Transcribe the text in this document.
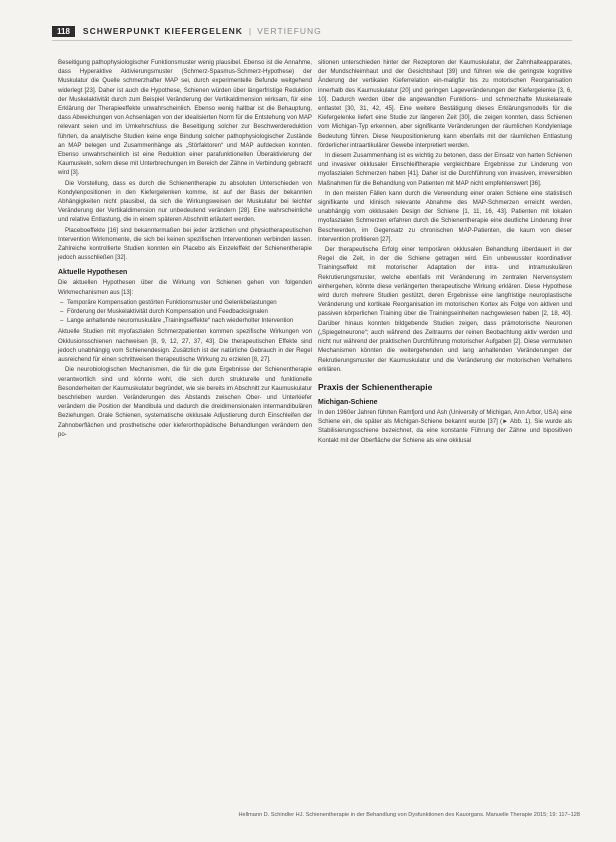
118	SCHWERPUNKT KIEFERGELENK | VERTIEFUNG

Beseitigung pathophysiologischer Funktionsmuster wenig plausibel. Ebenso ist die Annahme, dass Hyperaktive Aktivierungsmuster (Schmerz-Spasmus-Schmerz-Hypothese) der Muskulatur die Quelle schmerzhafter MAP sei, durch experimentelle Befunde weitgehend widerlegt [23]. Daher ist auch die Hypothese, Schienen würden über längerfristige Reduktion der Muskelaktivität durch zum Beispiel Veränderung der Vertikaldimension wirksam, für eine Erklärung der Therapieeffekte unwahrscheinlich. Ebenso wenig haltbar ist die Behauptung, dass Abweichungen von Achsenlagen von der idealisierten Norm für die Entstehung von MAP relevant seien und im Umkehrschluss die Beseitigung solcher zur Beschwerdereduktion führten, da analytische Studien keine enge Bindung solcher pathophysiologischer Zustände an MAP belegen und Zusammenhänge als „Störfaktoren“ und MAP aufdecken konnten. Ebenso unwahrscheinlich ist eine Reduktion einer parafunktionellen Überaktivierung der Kaumuskeln, sofern diese mit Unterbrechungen im Bereich der Zähne in Verbindung gebracht wird [3].

Die Vorstellung, dass es durch die Schienentherapie zu absoluten Unterschieden von Kondylenpositionen in den Kiefergelenken komme, ist auf der Basis der bekannten Abhängigkeiten nicht plausibel, da sich die Wirkungsweisen der Muskulatur bei leichter Veränderung der Vertikaldimension nur unbedeutend verändern [28]. Eine wahrscheinliche und relative Entlastung, die in einem späteren Abschnitt erläutert werden.

Placeboeffekte [16] sind bekanntermaßen bei jeder ärztlichen und physiotherapeutischen Intervention Wirkmomente, die sich bei keinen spezifischen Interventionen verbinden lassen. Zahlreiche kontrollierte Studien konnten ein Placebo als Einzeleffekt der Schienentherapie jedoch ausschließen [32].

Aktuelle Hypothesen

Die aktuellen Hypothesen über die Wirkung von Schienen gehen von folgenden Wirkmechanismen aus [13]:

– Temporäre Kompensation gestörten Funktionsmuster und Gelenkbelastungen
– Förderung der Muskelaktivität durch Kompensation und Feedbacksignalen
– Lange anhaltende neuromuskuläre „Trainingseffekte“ nach wiederholter Intervention

Aktuelle Studien mit myofaszialen Schmerzpatienten kommen spezifische Wirkungen von Okklusionsschienen nachweisen [8, 9, 12, 27, 37, 43]. Die therapeutischen Effekte sind jedoch unabhängig vom Schienendesign. Zusätzlich ist der natürliche Gebrauch in der Regel ausreichend für einen schrittweisen therapeutische Wirkung zu erzielen [8, 27].

Die neurobiologischen Mechanismen, die für die gute Ergebnisse der Schienentherapie verantwortlich sind und könnte wohl, die sich durch strukturelle und funktionelle Besonderheiten der Kaumuskulatur begründet, wie sie bereits im Abschnitt zur Kaumuskulatur beschrieben wurden. Veränderungen des Abstands zwischen Ober- und Unterkiefer verändern die Position der Mandibula und dadurch die dreidimensionalen intermandibulären Beziehungen. Orale Schienen, systematische okklusale Adjustierung durch Einschleifen der Zahnoberflächen und prosthetische oder kieferorthopädische Behandlungen verändern den po-

sitionen unterschieden hinter der Rezeptoren der Kaumuskulatur, der Zahnhalteapparates, der Mundschleimhaut und der Gesichtshaut [39] und führen wie die geringste kognitive Änderung der vertikalen Kieferrelation ein-maligfür bis zu motorischen Reorganisation innerhalb des Kaumuskulatur [20] und geringen Lageveränderungen der Kiefergelenke [3, 6, 10]. Dadurch werden über die angewandten Funktions- und schmerzhafte Muskelareale entlastet [30, 31, 42, 45]. Eine weitere Bestätigung dieses Erklärungsmodells für die Kiefergelenke liefert eine Studie zur längeren Zeit [30], die zeigen konnten, dass Schienen vom Michigan-Typ erkennen, aber signifikante Veränderungen der räumlichen Kondylenlage Bedeutung führen. Diese Neupositionierung kann ebenfalls mit der räumlichen Entlastung förderlicher intraartikulärer Gewebe interpretiert werden.

In diesem Zusammenhang ist es wichtig zu betonen, dass der Einsatz von harten Schienen und invasiver okklusaler Einschleiftherapie vergleichbare Ergebnisse zur Linderung von myofaszialen Schmerzen haben [41]. Daher ist die Durchführung von invasiven, irreversiblen Maßnahmen für die Behandlung von Patienten mit MAP nicht empfehlenswert [36].

In den meisten Fällen kann durch die Verwendung einer oralen Schiene eine statistisch signifikante und klinisch relevante Abnahme des MAP-Schmerzen erreicht werden, unabhängig vom okklusalen Design der Schiene [1, 11, 16, 43]. Patienten mit lokalen myofaszialen Schmerzen erfahren durch die Schienentherapie eine deutliche Linderung ihrer Beschwerden, im Gegensatz zu chronischen MAP-Patienten, die kaum von dieser Intervention profitieren [27].

Der therapeutische Erfolg einer temporären okklusalen Behandlung überdauert in der Regel die Zeit, in der die Schiene getragen wird. Ein unbewusster koordinativer Trainingseffekt mit motorischer Adaptation der intra- und intramuskulären Rekrutierungsmuster, welche ebenfalls mit Veränderung im zentralen Nervensystem einhergehen, könnte diese verlängerten therapeutische Wirkung erklären. Diese Hypothese wird durch mehrere Studien gestützt, deren Ergebnisse eine langfristige neuroplastische Veränderung und kortikale Reorganisation im motorischen Kortex als Folge von aktiven und passiven körperlichen Training über die Trainingseinheiten nachgewiesen haben [2, 18, 40]. Darüber hinaus konnten bildgebende Studien zeigen, dass prämotorische Neuronen („Spiegelneurone“; auch während des Zeitraums der reinen Beobachtung aktiv werden und nicht nur während der praktischen Durchführung motorischer Aufgaben [2]. Diese vermuteten Mechanismen könnten die weitergehenden und lang anhaltenden Veränderungen der Rekrutierungsmuster der Kaumuskulatur und die Veränderung der motorischen Verhaltens erklären.

Praxis der Schienentherapie
Michigan-Schiene

In den 1960er Jahren führten Ramfjord und Ash (University of Michigan, Ann Arbor, USA) eine Schiene ein, die später als Michigan-Schiene bekannt wurde [37] (► Abb. 1). Sie wurde als Stabilisierungsschiene bezeichnet, da eine konstante Führung der Zähne und bipositiven Kontakt mit der Oberfläche der Schiene als eine okklusal

Hellmann D. Schindler HJ. Schienentherapie in der Behandlung von Dysfunktionen des Kauorgans. Manuelle Therapie 2015; 19: 117–128
